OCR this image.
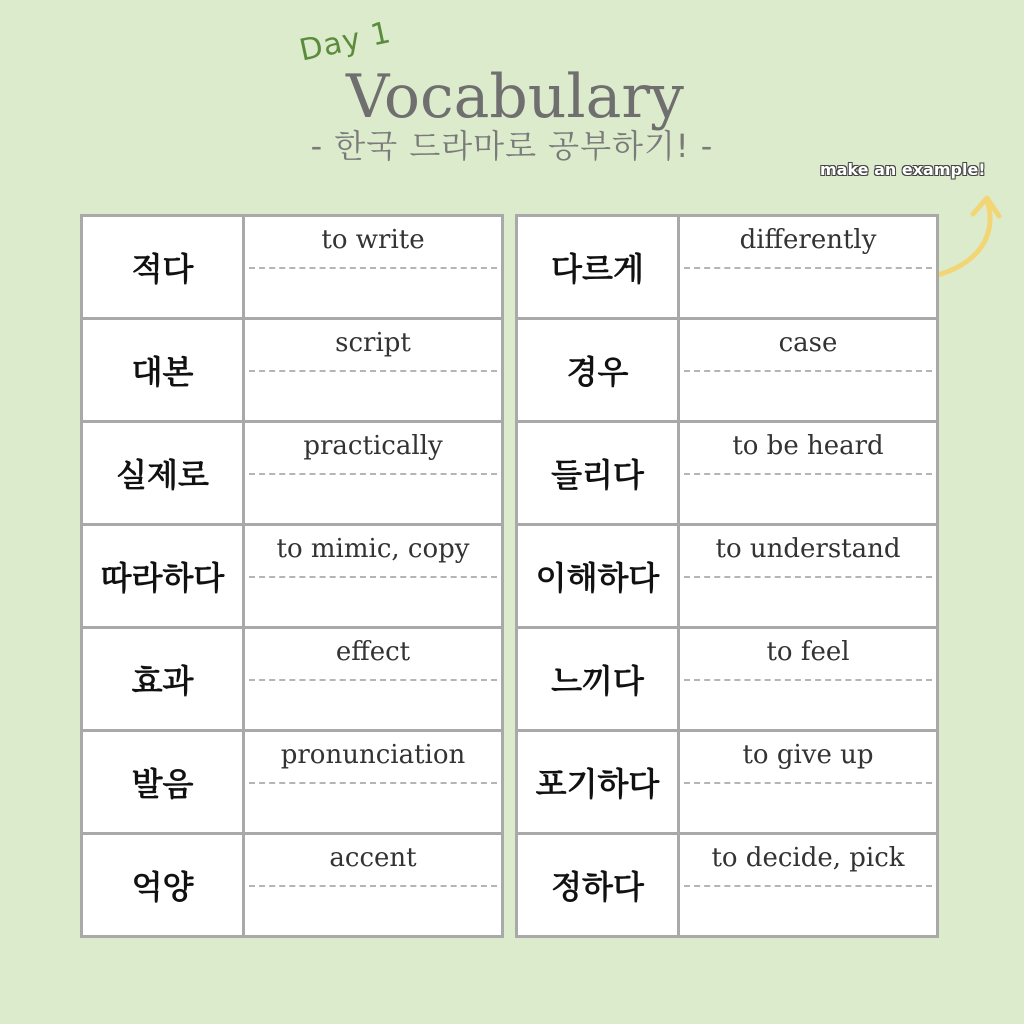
Day 1
Vocabulary
- 한국 드라마로 공부하기! -
make an example!
적다
to write
대본
script
실제로
practically
따라하다
to mimic, copy
효과
effect
발음
pronunciation
억양
accent
다르게
differently
경우
case
들리다
to be heard
이해하다
to understand
느끼다
to feel
포기하다
to give up
정하다
to decide, pick
